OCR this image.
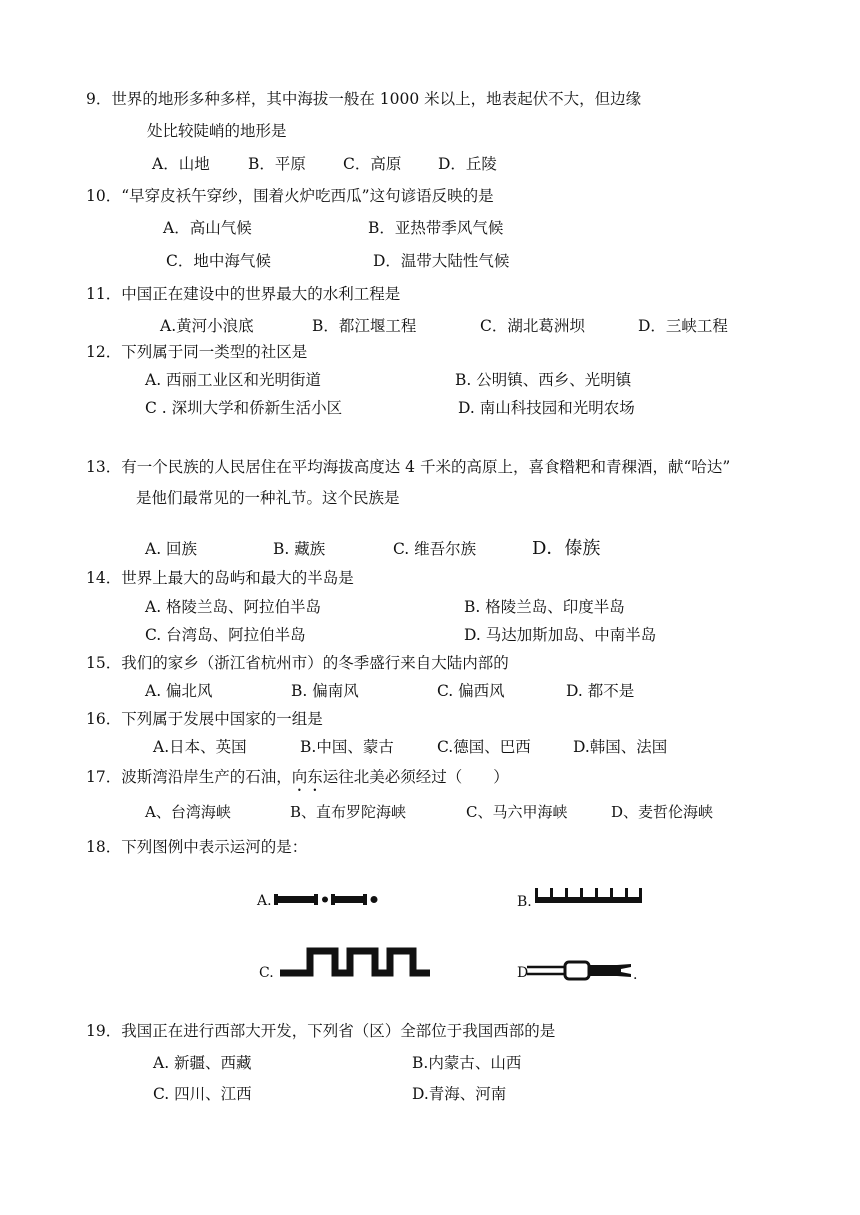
9．世界的地形多种多样，其中海拔一般在 1000 米以上，地表起伏不大，但边缘
处比较陡峭的地形是
A．山地 B．平原 C．高原 D．丘陵
10．“早穿皮袄午穿纱，围着火炉吃西瓜”这句谚语反映的是
A．高山气候	B．亚热带季风气候
C．地中海气候	D．温带大陆性气候
11．中国正在建设中的世界最大的水利工程是
A.黄河小浪底	B．都江堰工程	C．湖北葛洲坝	D．三峡工程
12．下列属于同一类型的社区是
A. 西丽工业区和光明街道	B. 公明镇、西乡、光明镇
C . 深圳大学和侨新生活小区	D. 南山科技园和光明农场
13．有一个民族的人民居住在平均海拔高度达 4 千米的高原上，喜食糌粑和青稞酒，献“哈达”
是他们最常见的一种礼节。这个民族是
A. 回族	B. 藏族	C. 维吾尔族	D．傣族
14．世界上最大的岛屿和最大的半岛是
A. 格陵兰岛、阿拉伯半岛	B. 格陵兰岛、印度半岛
C. 台湾岛、阿拉伯半岛	D. 马达加斯加岛、中南半岛
15．我们的家乡（浙江省杭州市）的冬季盛行来自大陆内部的
A. 偏北风	B. 偏南风	C. 偏西风	D. 都不是
16．下列属于发展中国家的一组是
A.日本、英国	B.中国、蒙古	C.德国、巴西	D.韩国、法国
17．波斯湾沿岸生产的石油，向东运往北美必须经过（　　）
A、台湾海峡	B、直布罗陀海峡	C、马六甲海峡	D、麦哲伦海峡
18．下列图例中表示运河的是：
A.	B.
C.	D	.
19．我国正在进行西部大开发，下列省（区）全部位于我国西部的是
A. 新疆、西藏	B.内蒙古、山西
C. 四川、江西	D.青海、河南
